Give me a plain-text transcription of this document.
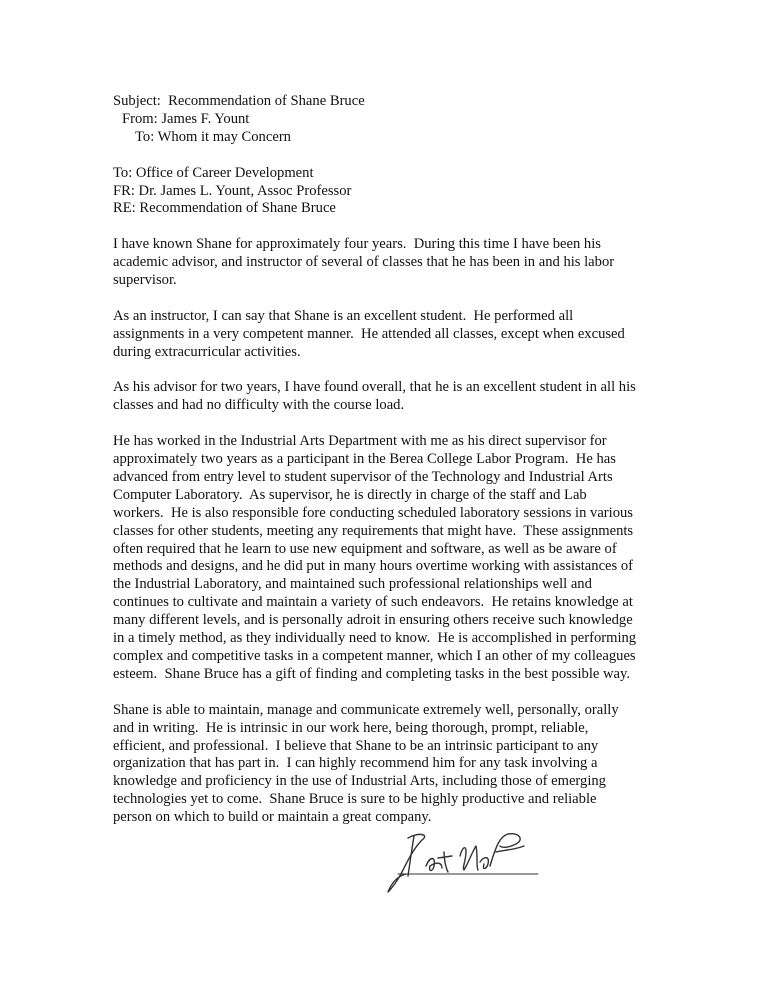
Subject:  Recommendation of Shane Bruce
From: James F. Yount
To: Whom it may Concern
To: Office of Career Development
FR: Dr. James L. Yount, Assoc Professor
RE: Recommendation of Shane Bruce
I have known Shane for approximately four years.  During this time I have been his
academic advisor, and instructor of several of classes that he has been in and his labor
supervisor.
As an instructor, I can say that Shane is an excellent student.  He performed all
assignments in a very competent manner.  He attended all classes, except when excused
during extracurricular activities.
As his advisor for two years, I have found overall, that he is an excellent student in all his
classes and had no difficulty with the course load.
He has worked in the Industrial Arts Department with me as his direct supervisor for
approximately two years as a participant in the Berea College Labor Program.  He has
advanced from entry level to student supervisor of the Technology and Industrial Arts
Computer Laboratory.  As supervisor, he is directly in charge of the staff and Lab
workers.  He is also responsible fore conducting scheduled laboratory sessions in various
classes for other students, meeting any requirements that might have.  These assignments
often required that he learn to use new equipment and software, as well as be aware of
methods and designs, and he did put in many hours overtime working with assistances of
the Industrial Laboratory, and maintained such professional relationships well and
continues to cultivate and maintain a variety of such endeavors.  He retains knowledge at
many different levels, and is personally adroit in ensuring others receive such knowledge
in a timely method, as they individually need to know.  He is accomplished in performing
complex and competitive tasks in a competent manner, which I an other of my colleagues
esteem.  Shane Bruce has a gift of finding and completing tasks in the best possible way.
Shane is able to maintain, manage and communicate extremely well, personally, orally
and in writing.  He is intrinsic in our work here, being thorough, prompt, reliable,
efficient, and professional.  I believe that Shane to be an intrinsic participant to any
organization that has part in.  I can highly recommend him for any task involving a
knowledge and proficiency in the use of Industrial Arts, including those of emerging
technologies yet to come.  Shane Bruce is sure to be highly productive and reliable
person on which to build or maintain a great company.
